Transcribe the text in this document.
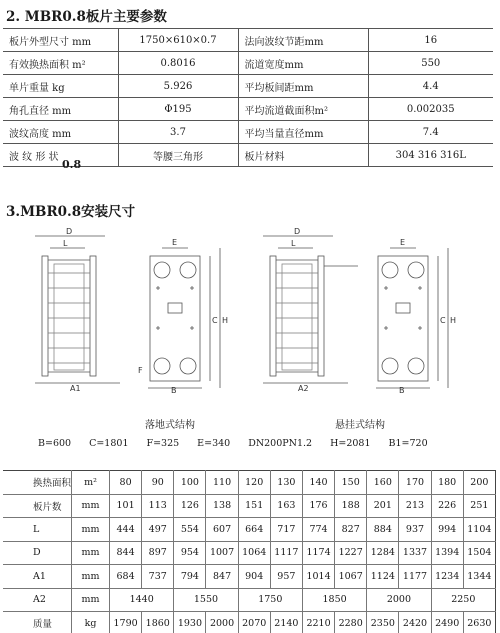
2. MBR0.8板片主要参数
板片外型尺寸 mm	1750×610×0.7	法向波纹节距mm	16
有效换热面积 m²	0.8016	流道宽度mm	550
单片重量 kg	5.926	平均板间距mm	4.4
角孔直径 mm	Φ195	平均流道截面积m²	0.002035
波纹高度 mm	3.7	平均当量直径mm	7.4
波 纹 形 状	等腰三角形	板片材料	304 316 316L
0.8
3.MBR0.8安装尺寸
D
L	E
C H
F
B
A1
D
L	E
C H
B
A2
落地式结构	悬挂式结构
B=600 C=1801 F=325 E=340 DN200PN1.2 H=2081 B1=720
换热面积	m²	80	90	100	110	120	130	140	150	160	170	180	200
板片数	mm	101	113	126	138	151	163	176	188	201	213	226	251
L	mm	444	497	554	607	664	717	774	827	884	937	994	1104
D	mm	844	897	954	1007	1064	1117	1174	1227	1284	1337	1394	1504
A1	mm	684	737	794	847	904	957	1014	1067	1124	1177	1234	1344
A2	mm	1440		1550		1750		1850		2000		2250	
质量	kg	1790	1860	1930	2000	2070	2140	2210	2280	2350	2420	2490	2630
